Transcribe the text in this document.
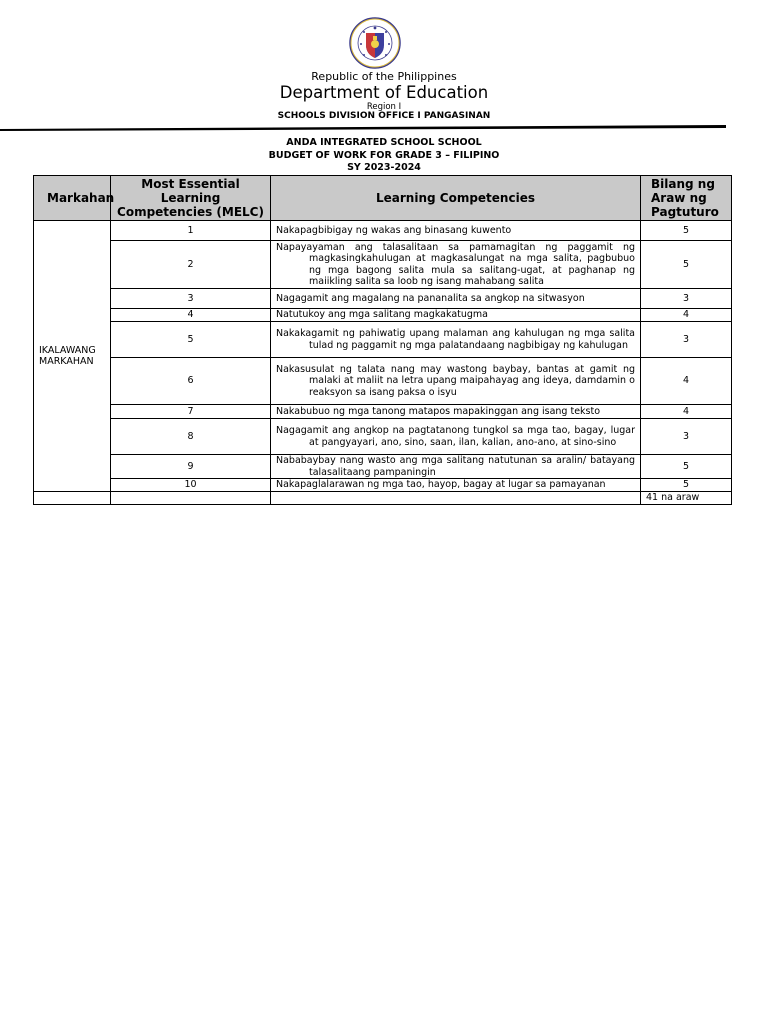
Republic of the Philippines
Department of Education
Region I
SCHOOLS DIVISION OFFICE I PANGASINAN
ANDA INTEGRATED SCHOOL SCHOOL
BUDGET OF WORK FOR GRADE 3 – FILIPINO
SY 2023-2024
Markahan	Most Essential Learning Competencies (MELC)	Learning Competencies	Bilang ng Araw ng Pagtuturo
IKALAWANG MARKAHAN	1	Nakapagbibigay ng wakas ang binasang kuwento	5
	2	Napayayaman ang talasalitaan sa pamamagitan ng paggamit ng magkasingkahulugan at magkasalungat na mga salita, pagbubuo ng mga bagong salita mula sa salitang-ugat, at paghanap ng maiikling salita sa loob ng isang mahabang salita	5
	3	Nagagamit ang magalang na pananalita sa angkop na sitwasyon	3
	4	Natutukoy ang mga salitang magkakatugma	4
	5	Nakakagamit ng pahiwatig upang malaman ang kahulugan ng mga salita tulad ng paggamit ng mga palatandaang nagbibigay ng kahulugan	3
	6	Nakasusulat ng talata nang may wastong baybay, bantas at gamit ng malaki at maliit na letra upang maipahayag ang ideya, damdamin o reaksyon sa isang paksa o isyu	4
	7	Nakabubuo ng mga tanong matapos mapakinggan ang isang teksto	4
	8	Nagagamit ang angkop na pagtatanong tungkol sa mga tao, bagay, lugar at pangyayari, ano, sino, saan, ilan, kalian, ano-ano, at sino-sino	3
	9	Nababaybay nang wasto ang mga salitang natutunan sa aralin/ batayang talasalitaang pampaningin	5
	10	Nakapaglalarawan ng mga tao, hayop, bagay at lugar sa pamayanan	5
			41 na araw
